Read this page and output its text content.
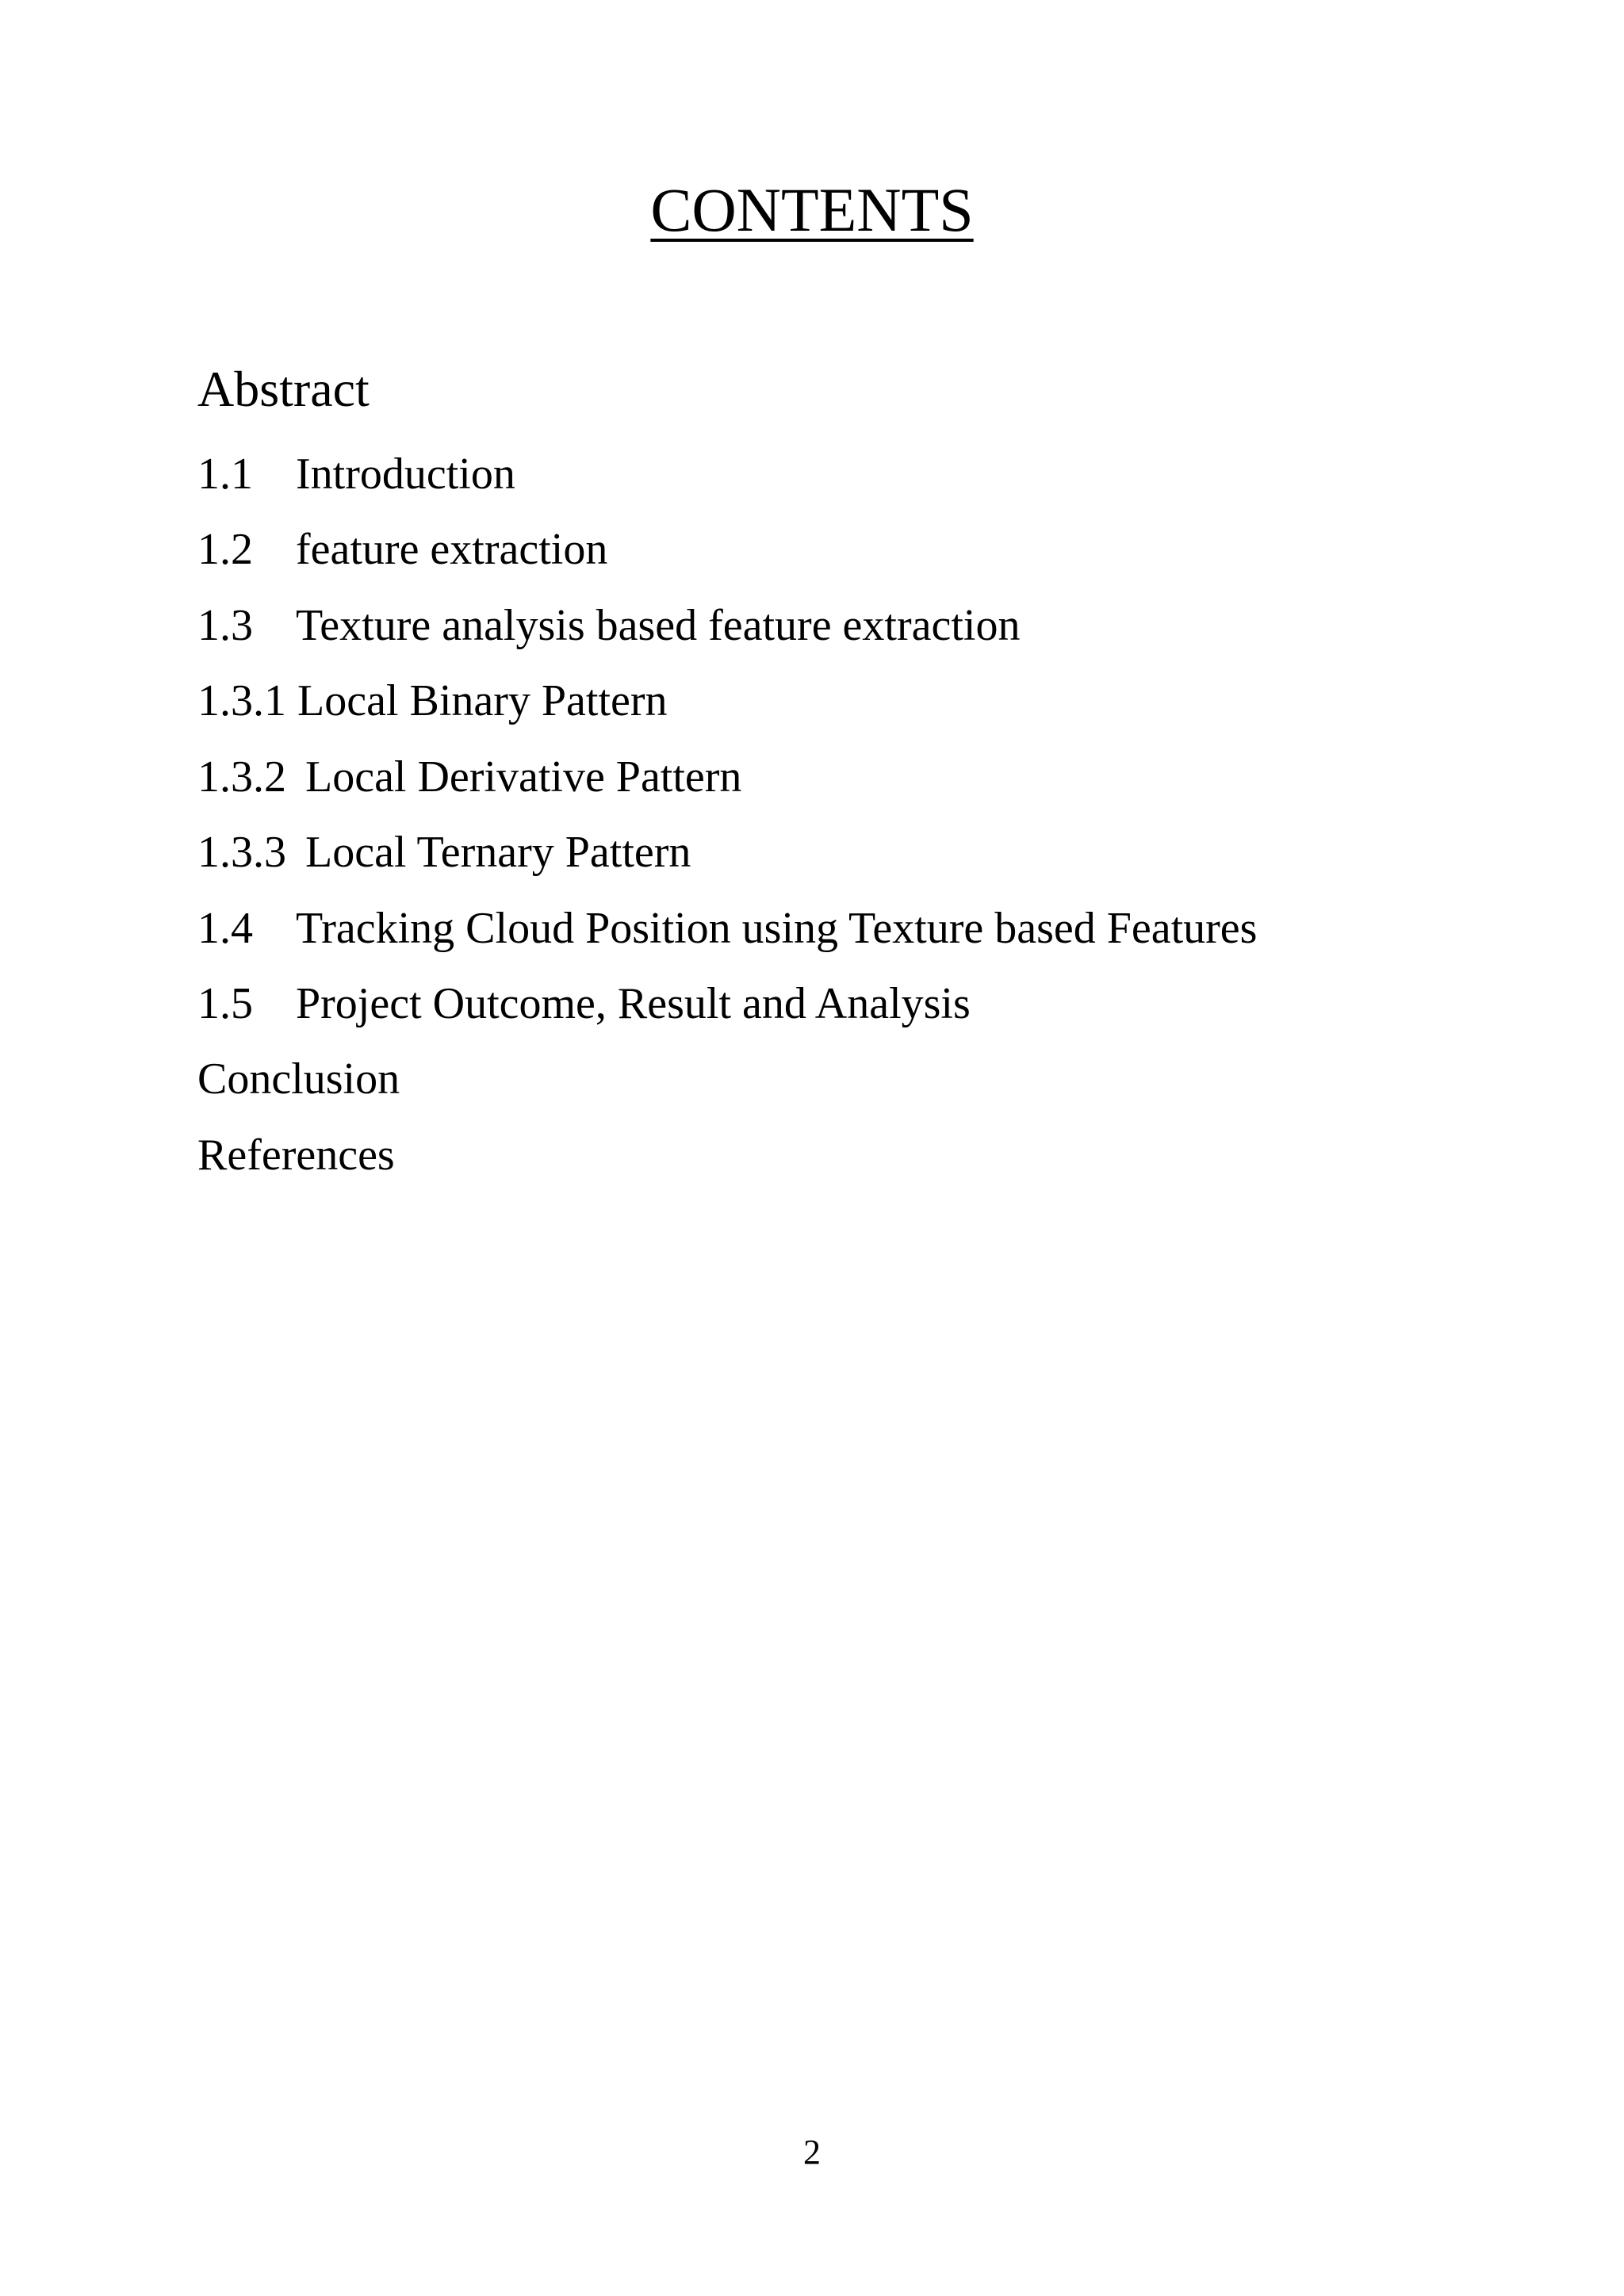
CONTENTS
Abstract
1.1 Introduction
1.2 feature extraction
1.3 Texture analysis based feature extraction
1.3.1 Local Binary Pattern
1.3.2 Local Derivative Pattern
1.3.3 Local Ternary Pattern
1.4 Tracking Cloud Position using Texture based Features
1.5 Project Outcome, Result and Analysis
Conclusion
References
2
